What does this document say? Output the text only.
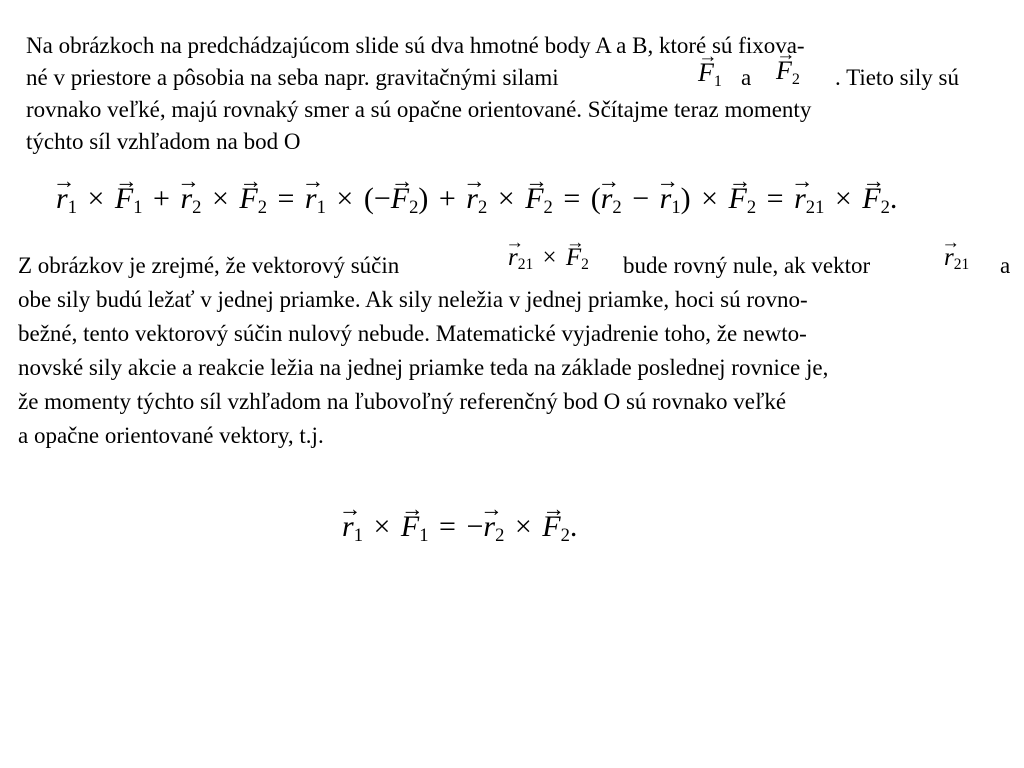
Na obrázkoch na predchádzajúcom slide sú dva hmotné body A a B, ktoré sú fixova-
né v priestore a pôsobia na seba napr. gravitačnými silami	→ F1 a → F2 . Tieto sily sú
rovnako veľké, majú rovnaký smer a sú opačne orientované. Sčítajme teraz momenty
týchto síl vzhľadom na bod O
→ r1 × → F1 + → r2 × → F2 = → r1 × (−→ F2) + → r2 × → F2 = (→ r2 − → r1) × → F2 = → r21 × → F2.
Z obrázkov je zrejmé, že vektorový súčin	→ r21 × → F2 bude rovný nule, ak vektor	→ r21 a
obe sily budú ležať v jednej priamke. Ak sily neležia v jednej priamke, hoci sú rovno-
bežné, tento vektorový súčin nulový nebude. Matematické vyjadrenie toho, že newto-
novské sily akcie a reakcie ležia na jednej priamke teda na základe poslednej rovnice je,
že momenty týchto síl vzhľadom na ľubovoľný referenčný bod O sú rovnako veľké
a opačne orientované vektory, t.j.
→ r1 × → F1 = −→ r2 × → F2.
